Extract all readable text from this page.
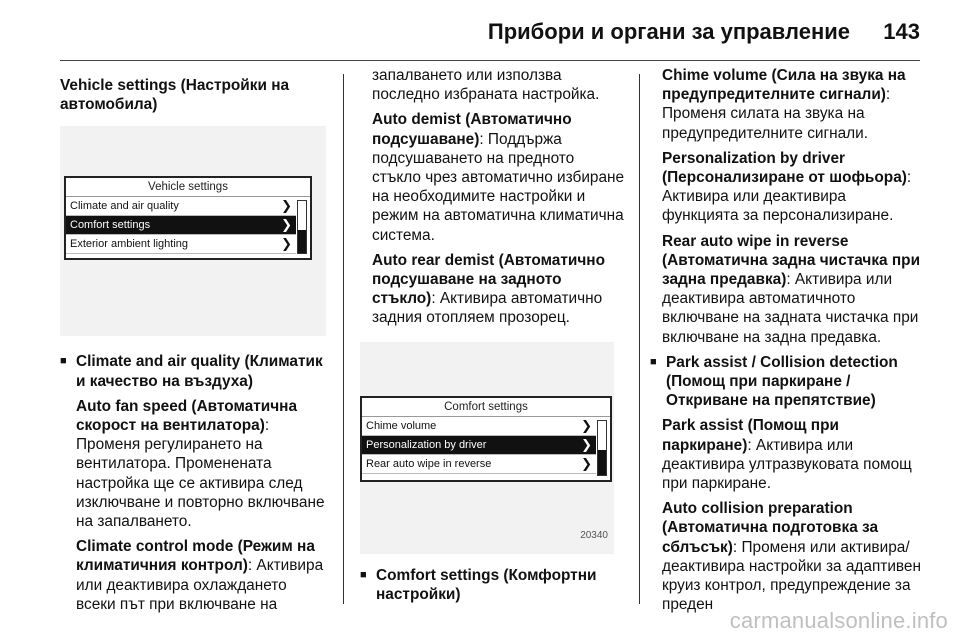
Прибори и органи за управление 143

Vehicle settings (Настройки на автомобила)

Vehicle settings
Climate and air quality	❯
Comfort settings	❯
Exterior ambient lighting	❯
■ Climate and air quality (Климатик и качество на въздуха)

Auto fan speed (Автоматична скорост на вентилатора): Променя регулирането на вентилатора. Променената настройка ще се активира след изключване и повторно включване на запалването.

Climate control mode (Режим на климатичния контрол): Активира или деактивира охлаждането всеки път при включване на

запалването или използва последно избраната настройка.

Auto demist (Автоматично подсушаване): Поддържа подсушаването на предното стъкло чрез автоматично избиране на необходимите настройки и режим на автоматична климатична система.

Auto rear demist (Автоматично подсушаване на задното стъкло): Активира автоматично задния отопляем прозорец.

Comfort settings
Chime volume	❯
Personalization by driver	❯
Rear auto wipe in reverse	❯
20340
■ Comfort settings (Комфортни настройки)

Chime volume (Сила на звука на предупредителните сигнали): Променя силата на звука на предупредителните сигнали.

Personalization by driver (Персонализиране от шофьора): Активира или деактивира функцията за персонализиране.

Rear auto wipe in reverse (Автоматична задна чистачка при задна предавка): Активира или деактивира автоматичното включване на задната чистачка при включване на задна предавка.

■ Park assist / Collision detection (Помощ при паркиране / Откриване на препятствие)

Park assist (Помощ при паркиране): Активира или деактивира ултразвуковата помощ при паркиране.

Auto collision preparation (Автоматична подготовка за сблъсък): Променя или активира/ деактивира настройки за адаптивен круиз контрол, предупреждение за преден

carmanualsonline.info
